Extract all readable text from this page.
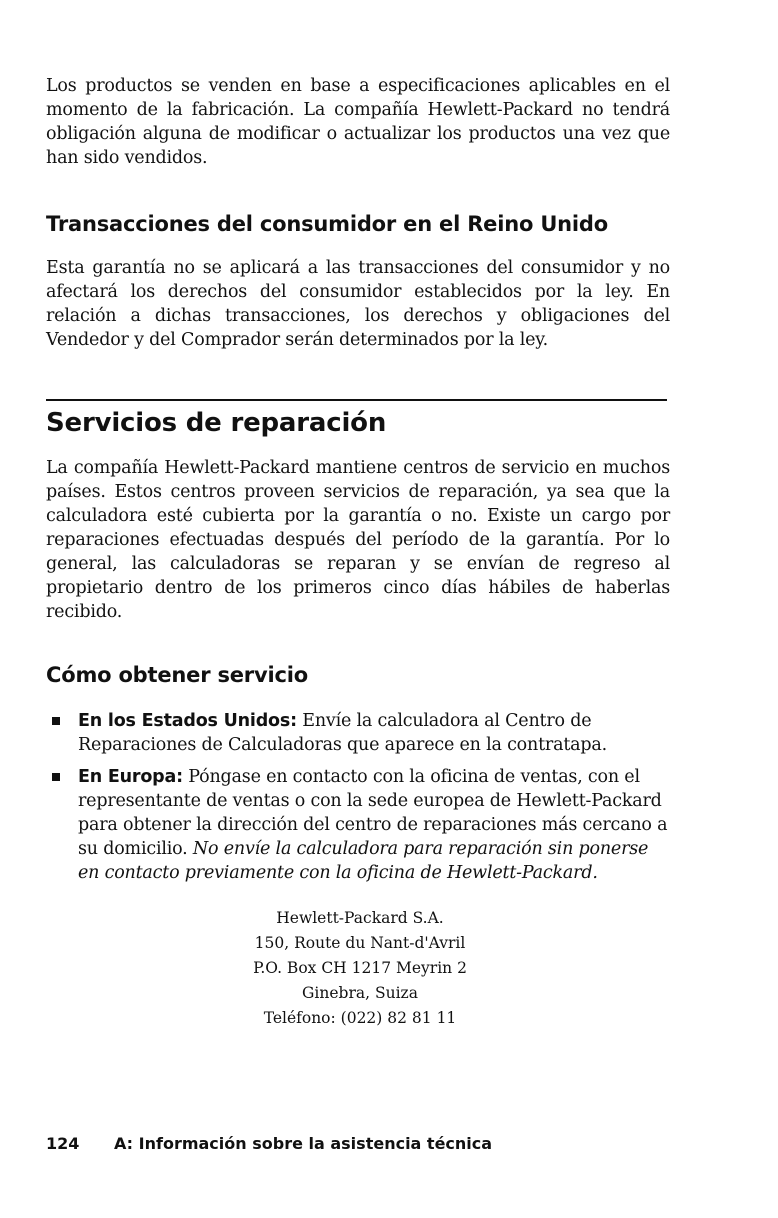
Los productos se venden en base a especificaciones aplicables en el momento de la fabricación. La compañía Hewlett-Packard no tendrá obligación alguna de modificar o actualizar los productos una vez que han sido vendidos.

Transacciones del consumidor en el Reino Unido

Esta garantía no se aplicará a las transacciones del consumidor y no afectará los derechos del consumidor establecidos por la ley. En relación a dichas transacciones, los derechos y obligaciones del Vendedor y del Comprador serán determinados por la ley.

Servicios de reparación

La compañía Hewlett-Packard mantiene centros de servicio en muchos países. Estos centros proveen servicios de reparación, ya sea que la calculadora esté cubierta por la garantía o no. Existe un cargo por reparaciones efectuadas después del período de la garantía. Por lo general, las calculadoras se reparan y se envían de regreso al propietario dentro de los primeros cinco días hábiles de haberlas recibido.

Cómo obtener servicio

En los Estados Unidos: Envíe la calculadora al Centro de Reparaciones de Calculadoras que aparece en la contratapa.

En Europa: Póngase en contacto con la oficina de ventas, con el representante de ventas o con la sede europea de Hewlett-Packard para obtener la dirección del centro de reparaciones más cercano a su domicilio. No envíe la calculadora para reparación sin ponerse en contacto previamente con la oficina de Hewlett-Packard.

Hewlett-Packard S.A.
150, Route du Nant-d'Avril
P.O. Box CH 1217 Meyrin 2
Ginebra, Suiza
Teléfono: (022) 82 81 11
124 A: Información sobre la asistencia técnica
